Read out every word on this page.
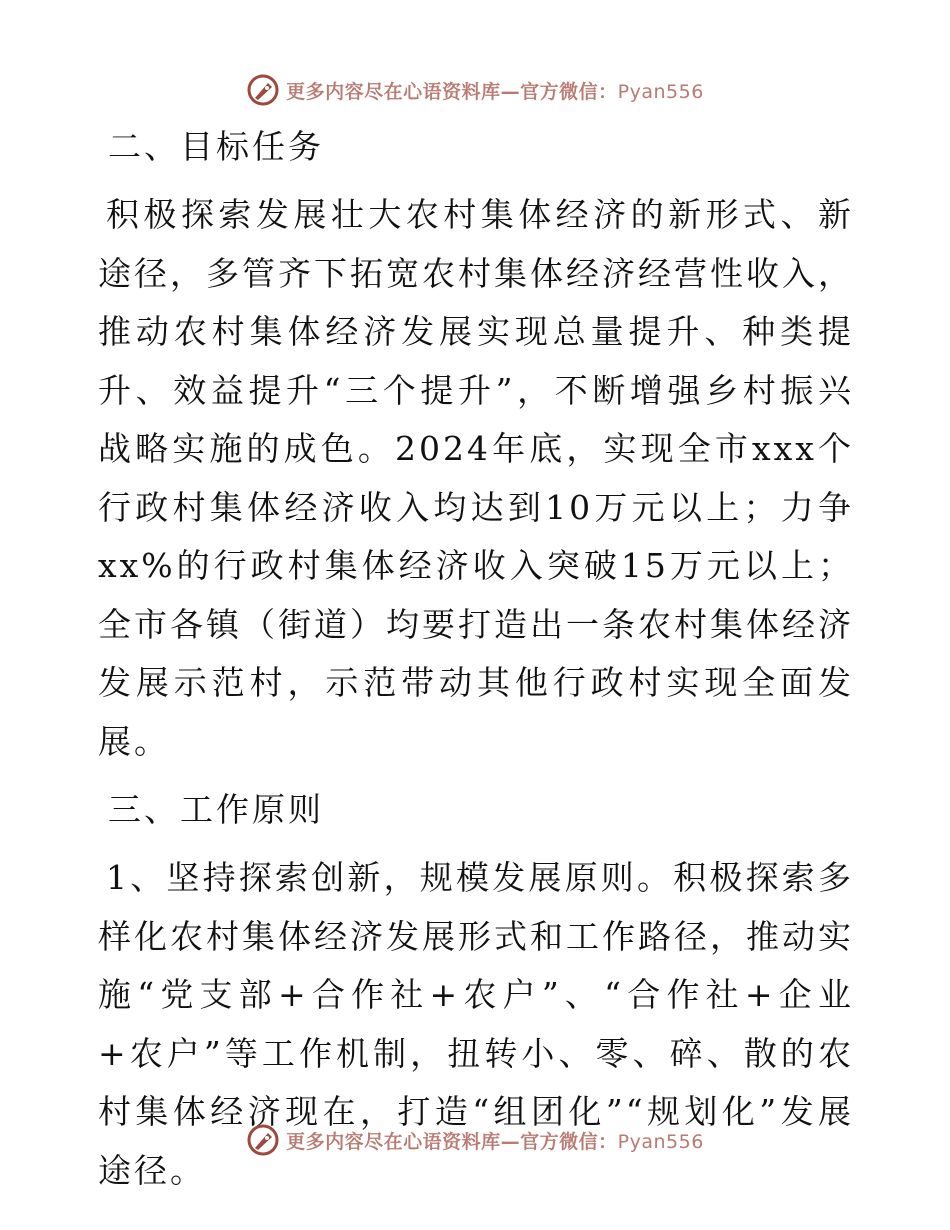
更多内容尽在心语资料库—官方微信：Pyan556
二、目标任务

积极探索发展壮大农村集体经济的新形式、新途径，多管齐下拓宽农村集体经济经营性收入，推动农村集体经济发展实现总量提升、种类提升、效益提升“三个提升”，不断增强乡村振兴战略实施的成色。2024年底，实现全市xxx个行政村集体经济收入均达到10万元以上；力争xx%的行政村集体经济收入突破15万元以上；全市各镇（街道）均要打造出一条农村集体经济发展示范村，示范带动其他行政村实现全面发展。

三、工作原则

1、坚持探索创新，规模发展原则。积极探索多样化农村集体经济发展形式和工作路径，推动实施“党支部+合作社+农户”、“合作社+企业+农户”等工作机制，扭转小、零、碎、散的农村集体经济现在，打造“组团化”“规划化”发展途径。

更多内容尽在心语资料库—官方微信：Pyan556
